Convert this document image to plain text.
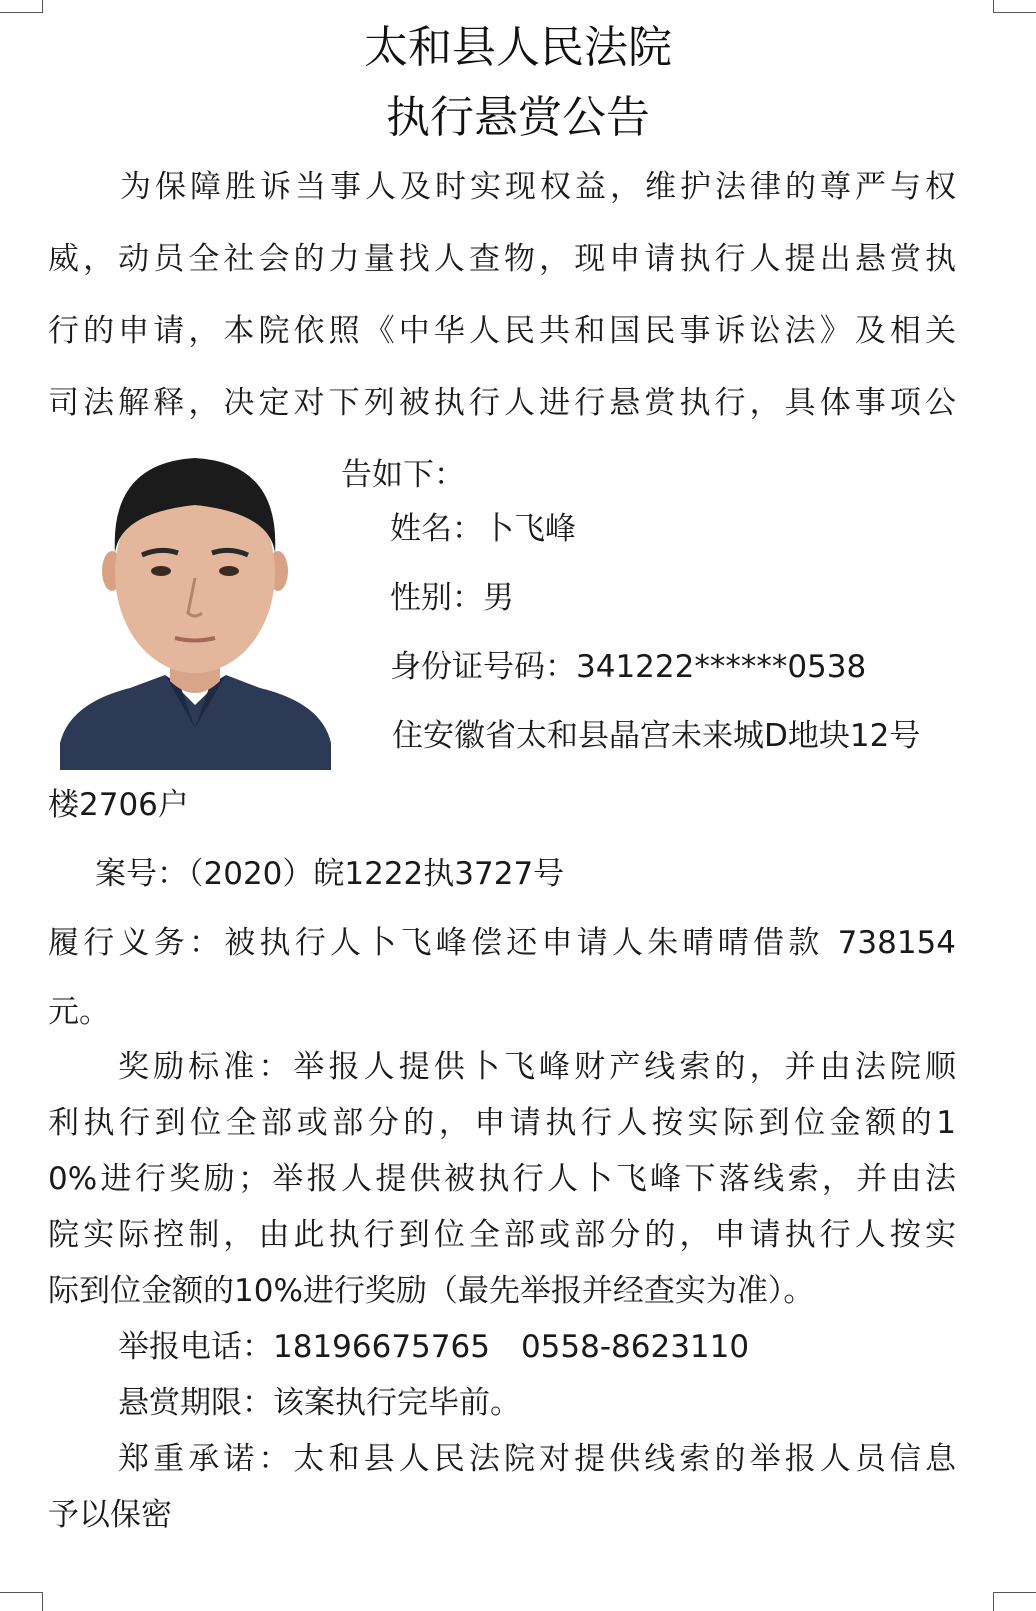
太和县人民法院
执行悬赏公告
为保障胜诉当事人及时实现权益，维护法律的尊严与权
威，动员全社会的力量找人查物，现申请执行人提出悬赏执
行的申请，本院依照《中华人民共和国民事诉讼法》及相关
司法解释，决定对下列被执行人进行悬赏执行，具体事项公
告如下：
姓名：卜飞峰
性别：男
身份证号码：341222******0538
住安徽省太和县晶宫未来城D地块12号
楼2706户
案号：（2020）皖1222执3727号
履行义务：被执行人卜飞峰偿还申请人朱晴晴借款 738154
元。
奖励标准：举报人提供卜飞峰财产线索的，并由法院顺
利执行到位全部或部分的，申请执行人按实际到位金额的1
0%进行奖励；举报人提供被执行人卜飞峰下落线索，并由法
院实际控制，由此执行到位全部或部分的，申请执行人按实
际到位金额的10%进行奖励（最先举报并经查实为准）。
举报电话：18196675765　0558-8623110
悬赏期限：该案执行完毕前。
郑重承诺：太和县人民法院对提供线索的举报人员信息
予以保密
